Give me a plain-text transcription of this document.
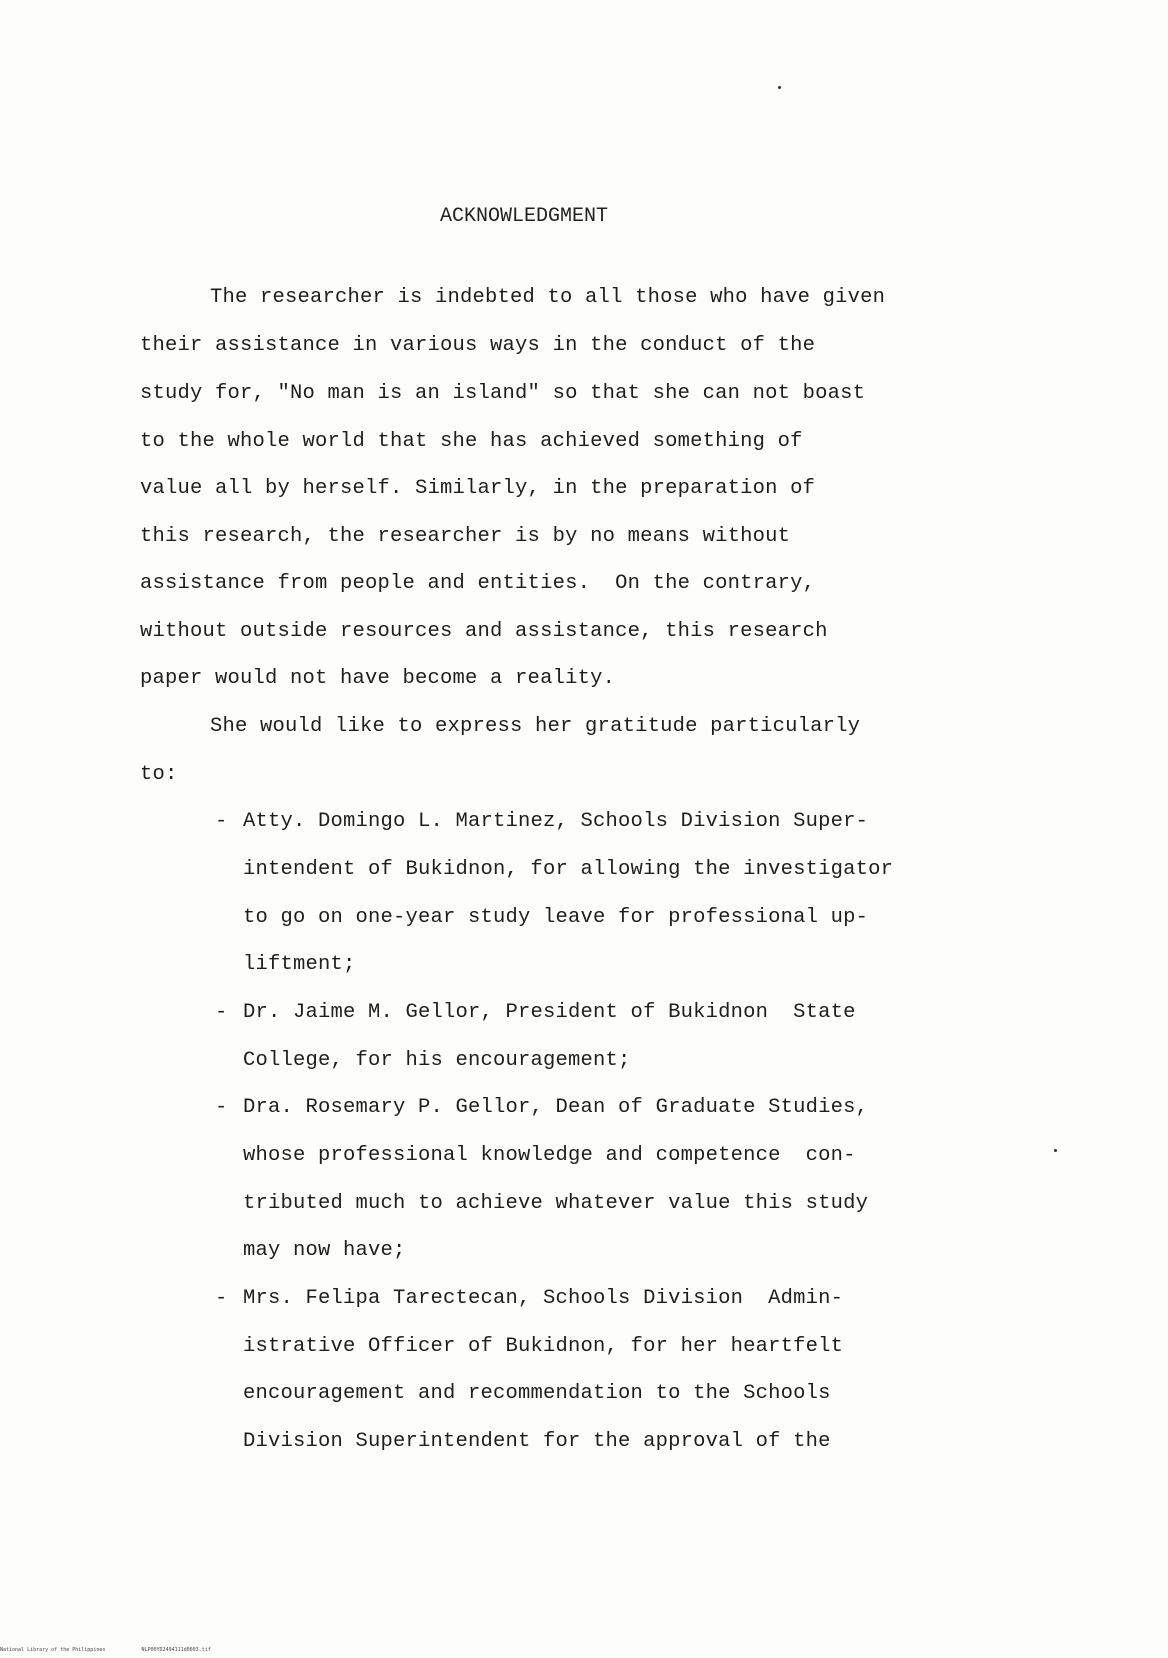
ACKNOWLEDGMENT
The researcher is indebted to all those who have given
their assistance in various ways in the conduct of the
study for, "No man is an island" so that she can not boast
to the whole world that she has achieved something of
value all by herself. Similarly, in the preparation of
this research, the researcher is by no means without
assistance from people and entities.  On the contrary,
without outside resources and assistance, this research
paper would not have become a reality.
She would like to express her gratitude particularly
to:
- Atty. Domingo L. Martinez, Schools Division Super-
intendent of Bukidnon, for allowing the investigator
to go on one-year study leave for professional up-
liftment;
- Dr. Jaime M. Gellor, President of Bukidnon  State
College, for his encouragement;
- Dra. Rosemary P. Gellor, Dean of Graduate Studies,
whose professional knowledge and competence  con-
tributed much to achieve whatever value this study
may now have;
- Mrs. Felipa Tarectecan, Schools Division  Admin-
istrative Officer of Bukidnon, for her heartfelt
encouragement and recommendation to the Schools
Division Superintendent for the approval of the
National Library of the Philippines	NLP00YD2494111d0003.tif
